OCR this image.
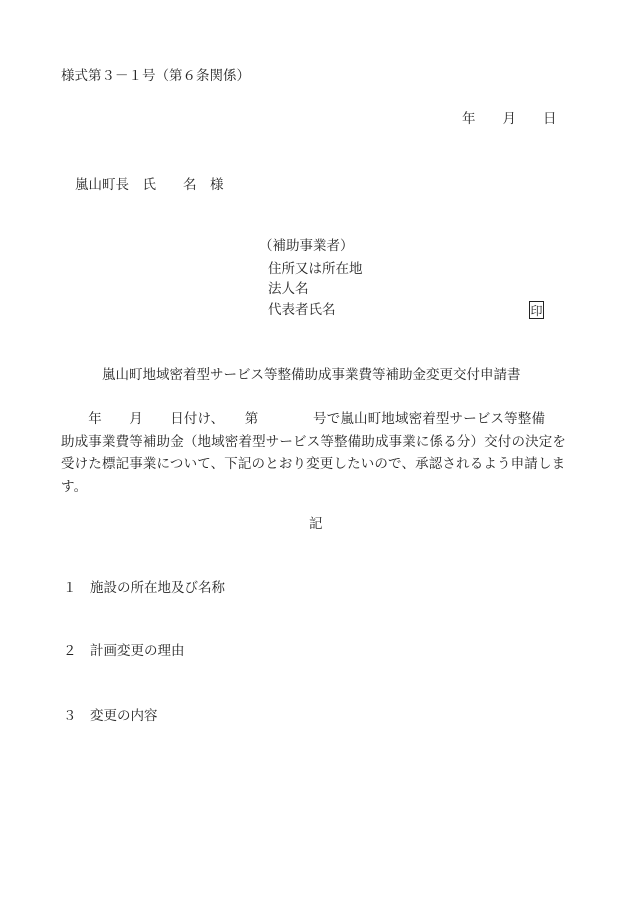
様式第３－１号（第６条関係）
年　　月　　日
嵐山町長　氏　　名　様
（補助事業者）
住所又は所在地
法人名
代表者氏名	印
嵐山町地域密着型サービス等整備助成事業費等補助金変更交付申請書
　　年　　月　　日付け、　　第　　　　号で嵐山町地域密着型サービス等整備
助成事業費等補助金（地域密着型サービス等整備助成事業に係る分）交付の決定を
受けた標記事業について、下記のとおり変更したいので、承認されるよう申請しま
す。
記
１　施設の所在地及び名称
２　計画変更の理由
３　変更の内容
